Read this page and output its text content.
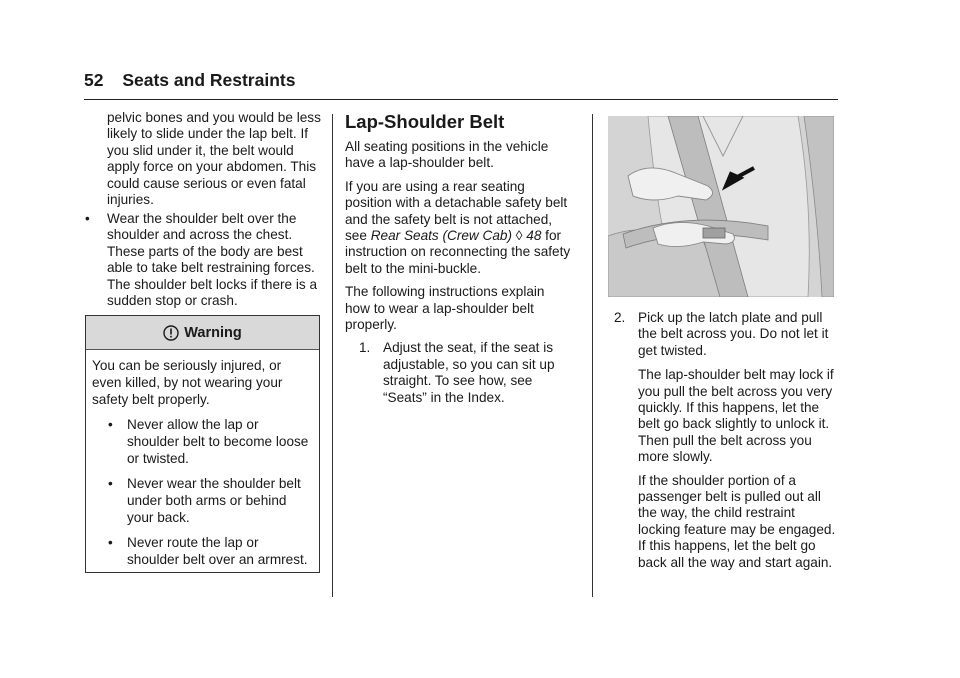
52 Seats and Restraints

pelvic bones and you would be less likely to slide under the lap belt. If you slid under it, the belt would apply force on your abdomen. This could cause serious or even fatal injuries.

• Wear the shoulder belt over the shoulder and across the chest. These parts of the body are best able to take belt restraining forces. The shoulder belt locks if there is a sudden stop or crash.
Warning
You can be seriously injured, or even killed, by not wearing your safety belt properly.
• Never allow the lap or shoulder belt to become loose or twisted.
• Never wear the shoulder belt under both arms or behind your back.
• Never route the lap or shoulder belt over an armrest.
Lap-Shoulder Belt

All seating positions in the vehicle have a lap-shoulder belt.

If you are using a rear seating position with a detachable safety belt and the safety belt is not attached, see Rear Seats (Crew Cab) ◊ 48 for instruction on reconnecting the safety belt to the mini-buckle.

The following instructions explain how to wear a lap-shoulder belt properly.

1. Adjust the seat, if the seat is adjustable, so you can sit up straight. To see how, see “Seats” in the Index.
2. Pick up the latch plate and pull the belt across you. Do not let it get twisted.

The lap-shoulder belt may lock if you pull the belt across you very quickly. If this happens, let the belt go back slightly to unlock it. Then pull the belt across you more slowly.

If the shoulder portion of a passenger belt is pulled out all the way, the child restraint locking feature may be engaged. If this happens, let the belt go back all the way and start again.
